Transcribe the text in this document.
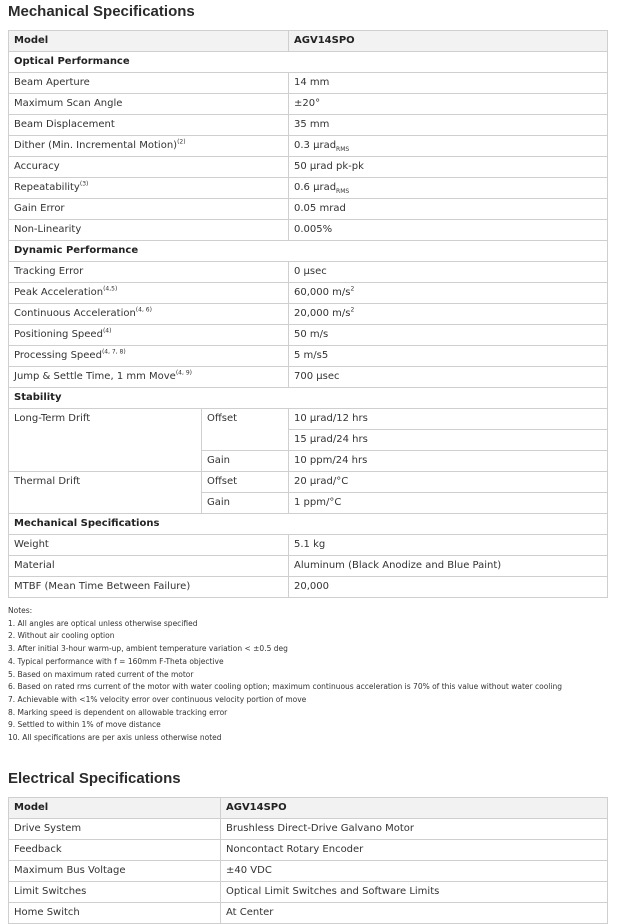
Mechanical Specifications
Model		AGV14SPO
Optical Performance		
Beam Aperture		14 mm
Maximum Scan Angle		±20°
Beam Displacement		35 mm
Dither (Min. Incremental Motion)$^{(2)}$		0.3 µrad$_{RMS}$
Accuracy		50 µrad pk-pk
Repeatability$^{(3)}$		0.6 µrad$_{RMS}$
Gain Error		0.05 mrad
Non-Linearity		0.005%
Dynamic Performance		
Tracking Error		0 µsec
Peak Acceleration$^{(4,5)}$		60,000 $m/s^2$
Continuous Acceleration$^{(4, 6)}$		20,000 $m/s^2$
Positioning Speed$^{(4)}$		50 m/s
Processing Speed$^{(4, 7, 8)}$		5 m/s5
Jump & Settle Time, 1 mm Move$^{(4, 9)}$		700 µsec
Stability		
Long-Term Drift	Offset	10 µrad/12 hrs
		15 µrad/24 hrs
	Gain	10 ppm/24 hrs
Thermal Drift	Offset	20 µrad/°C
	Gain	1 ppm/°C
Mechanical Specifications		
Weight		5.1 kg
Material		Aluminum (Black Anodize and Blue Paint)
MTBF (Mean Time Between Failure)		20,000
Notes:
1. All angles are optical unless otherwise specified
2. Without air cooling option
3. After initial 3-hour warm-up, ambient temperature variation < ±0.5 deg
4. Typical performance with f = 160mm F-Theta objective
5. Based on maximum rated current of the motor
6. Based on rated rms current of the motor with water cooling option; maximum continuous acceleration is 70% of this value without water cooling
7. Achievable with <1% velocity error over continuous velocity portion of move
8. Marking speed is dependent on allowable tracking error
9. Settled to within 1% of move distance
10. All specifications are per axis unless otherwise noted
Electrical Specifications
Model	AGV14SPO
Drive System	Brushless Direct-Drive Galvano Motor
Feedback	Noncontact Rotary Encoder
Maximum Bus Voltage	±40 VDC
Limit Switches	Optical Limit Switches and Software Limits
Home Switch	At Center
